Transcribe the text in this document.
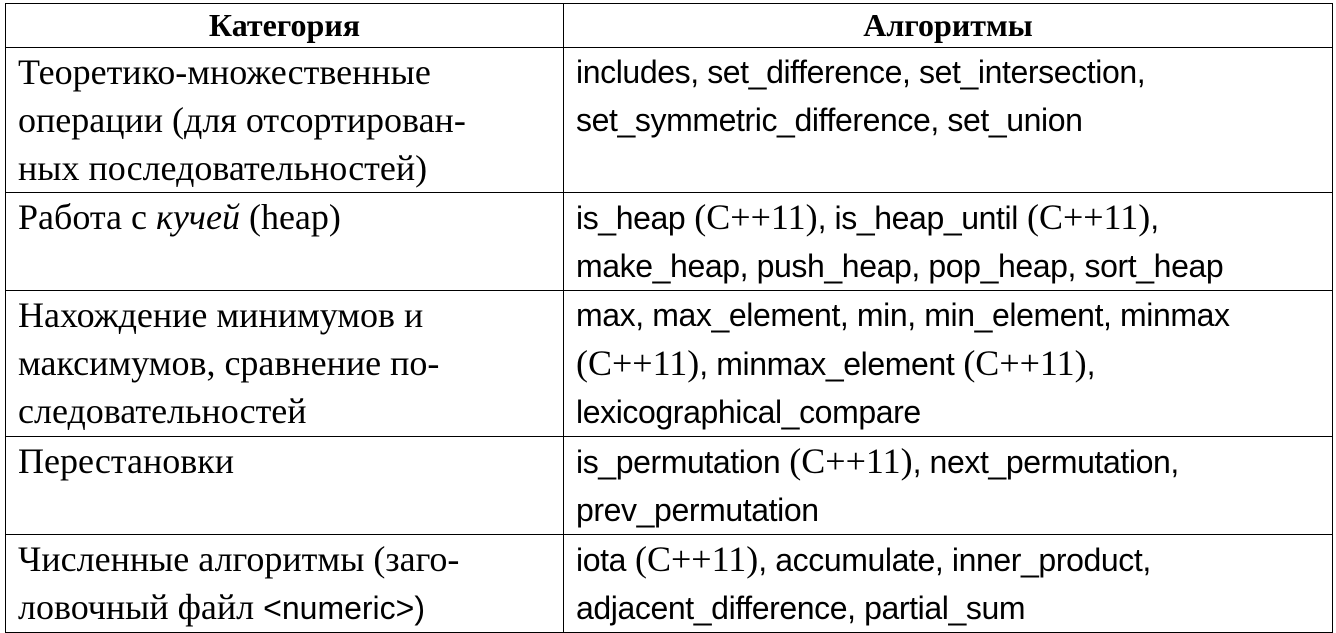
Категория	Алгоритмы

Теоретико-множественные
операции (для отсортирован-
ных последовательностей)	includes, set_difference, set_intersection,
set_symmetric_difference, set_union

Работа с кучей (heap)	is_heap (C++11), is_heap_until (C++11),
make_heap, push_heap, pop_heap, sort_heap

Нахождение минимумов и
максимумов, сравнение по-
следовательностей	max, max_element, min, min_element, minmax
(C++11), minmax_element (C++11),
lexicographical_compare

Перестановки	is_permutation (C++11), next_permutation,
prev_permutation

Численные алгоритмы (заго-
ловочный файл <numeric>)	iota (C++11), accumulate, inner_product,
adjacent_difference, partial_sum
